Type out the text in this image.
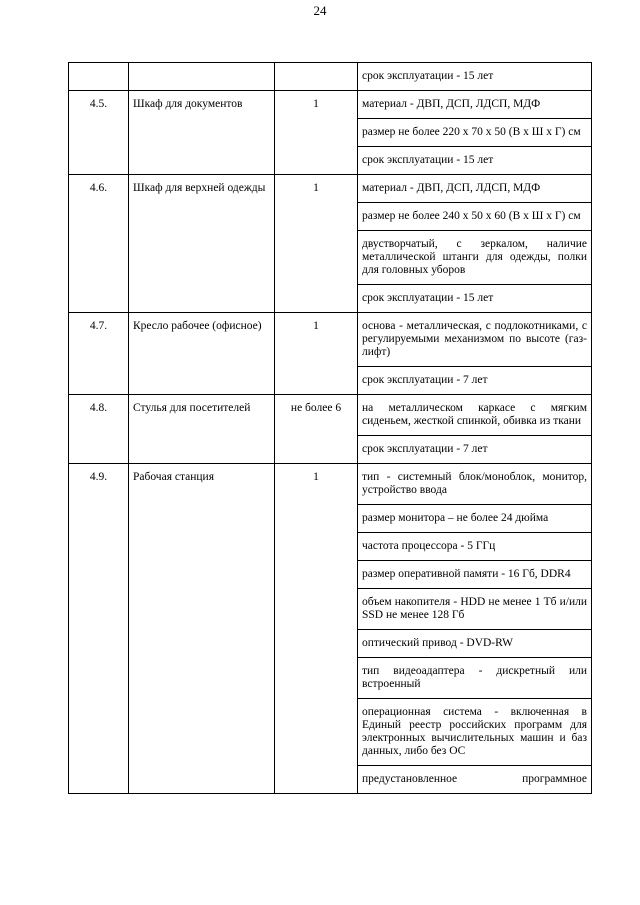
24
			срок эксплуатации - 15 лет
4.5.	Шкаф для документов	1	материал - ДВП, ДСП, ЛДСП, МДФ
			размер не более 220 х 70 х 50 (В х Ш х Г) см
			срок эксплуатации - 15 лет
4.6.	Шкаф для верхней одежды	1	материал - ДВП, ДСП, ЛДСП, МДФ
			размер не более 240 х 50 х 60 (В х Ш х Г) см
			двустворчатый, с зеркалом, наличие металлической штанги для одежды, полки для головных уборов
			срок эксплуатации - 15 лет
4.7.	Кресло рабочее (офисное)	1	основа - металлическая, с подлокотниками, с регулируемыми механизмом по высоте (газ-лифт)
			срок эксплуатации - 7 лет
4.8.	Стулья для посетителей	не более 6	на металлическом каркасе с мягким сиденьем, жесткой спинкой, обивка из ткани
			срок эксплуатации - 7 лет
4.9.	Рабочая станция	1	тип - системный блок/моноблок, монитор, устройство ввода
			размер монитора – не более 24 дюйма
			частота процессора - 5 ГГц
			размер оперативной памяти - 16 Гб, DDR4
			объем накопителя - HDD не менее 1 Тб и/или SSD не менее 128 Гб
			оптический привод - DVD-RW
			тип видеоадаптера - дискретный или встроенный
			операционная система - включенная в Единый реестр российских программ для электронных вычислительных машин и баз данных, либо без ОС
			предустановленное программное
